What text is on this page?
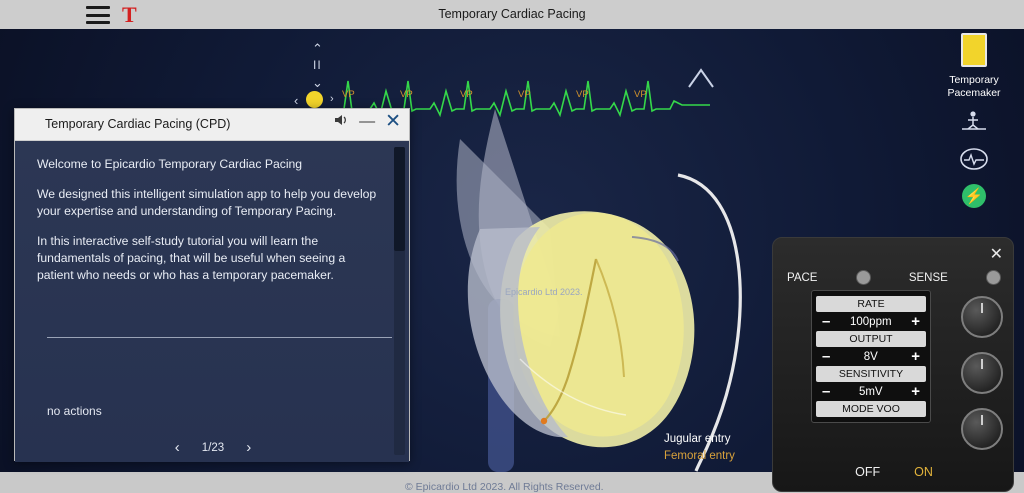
T	Temporary Cardiac Pacing
VP	VP	VP	VP	VP	VP
⌃
II
⌄
‹	›
Epicardio Ltd 2023.
Jugular entry
Femoral entry
© Epicardio Ltd 2023. All Rights Reserved.
Temporary
Pacemaker
⚡
Temporary Cardiac Pacing (CPD)	— ✕

Welcome to Epicardio Temporary Cardiac Pacing

We designed this intelligent simulation app to help you develop your expertise and understanding of Temporary Pacing.

In this interactive self-study tutorial you will learn the fundamentals of pacing, that will be useful when seeing a patient who needs or who has a temporary pacemaker.

no actions
‹ 1/23 ›
✕
PACE	SENSE
RATE
– 100ppm +
OUTPUT
–	8V +
SENSITIVITY
– 5mV +
MODE VOO
OFF	ON
